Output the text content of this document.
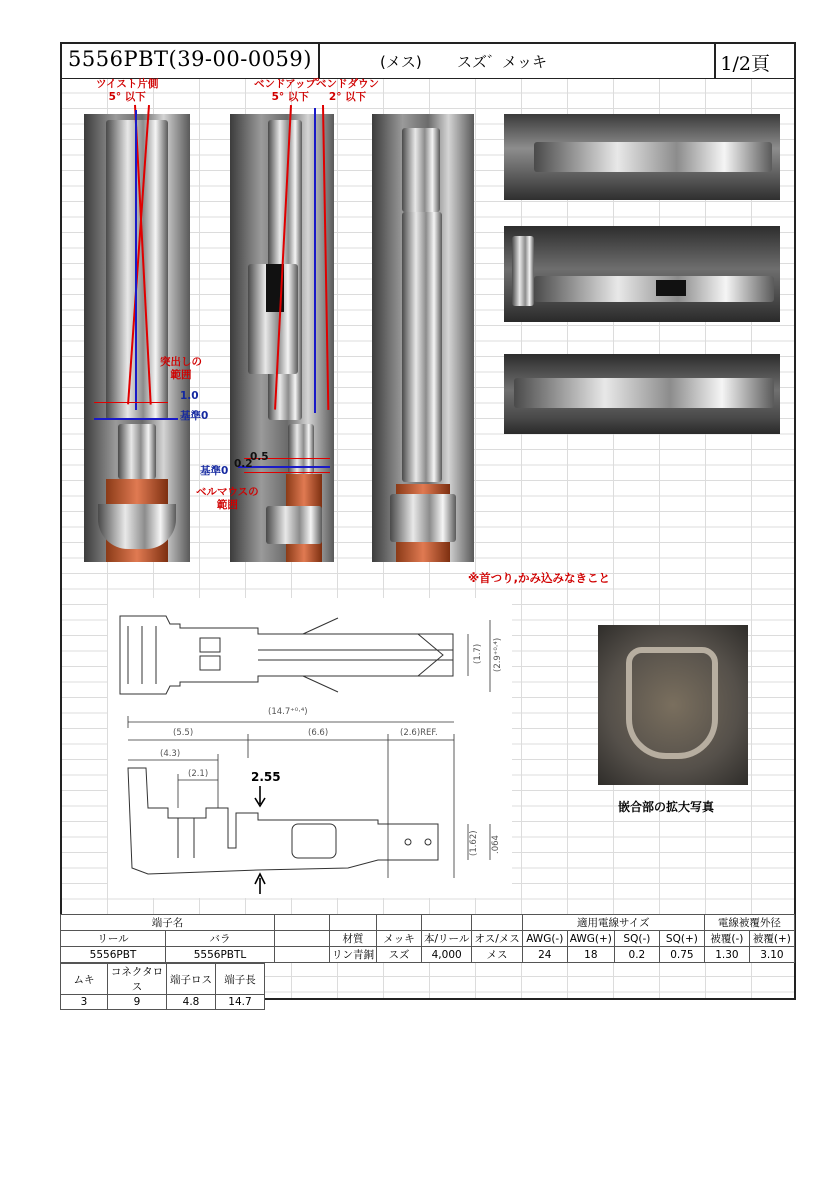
5556PBT(39-00-0059)	(メス) スズ゛メッキ	1/2頁
ツイスト片側
5° 以下
ベンドアップ゜
5° 以下
ベンドダウン
2° 以下
突出しの
範囲
1.0
基準0
0.5
0.2
基準0
ベルマウスの
範囲
※首つり,かみ込みなきこと
嵌合部の拡大写真
(14.7⁺⁰·⁴)
(5.5)	(6.6)	(2.6)REF.
(4.3)
(2.1)
(2.9⁺⁰·⁴)
(1.7)
(1.62) .064
2.55
端子名							適用電線サイズ				電線被覆外径	
リール	バラ		材質	メッキ	本/リール	オス/メス	AWG(-)	AWG(+)	SQ(-)	SQ(+)	被覆(-)	被覆(+)
5556PBT	5556PBTL		リン青銅	スズ	4,000	メス	24	18	0.2	0.75	1.30	3.10
ムキ	コネクタロス	端子ロス	端子長
3	9	4.8	14.7
